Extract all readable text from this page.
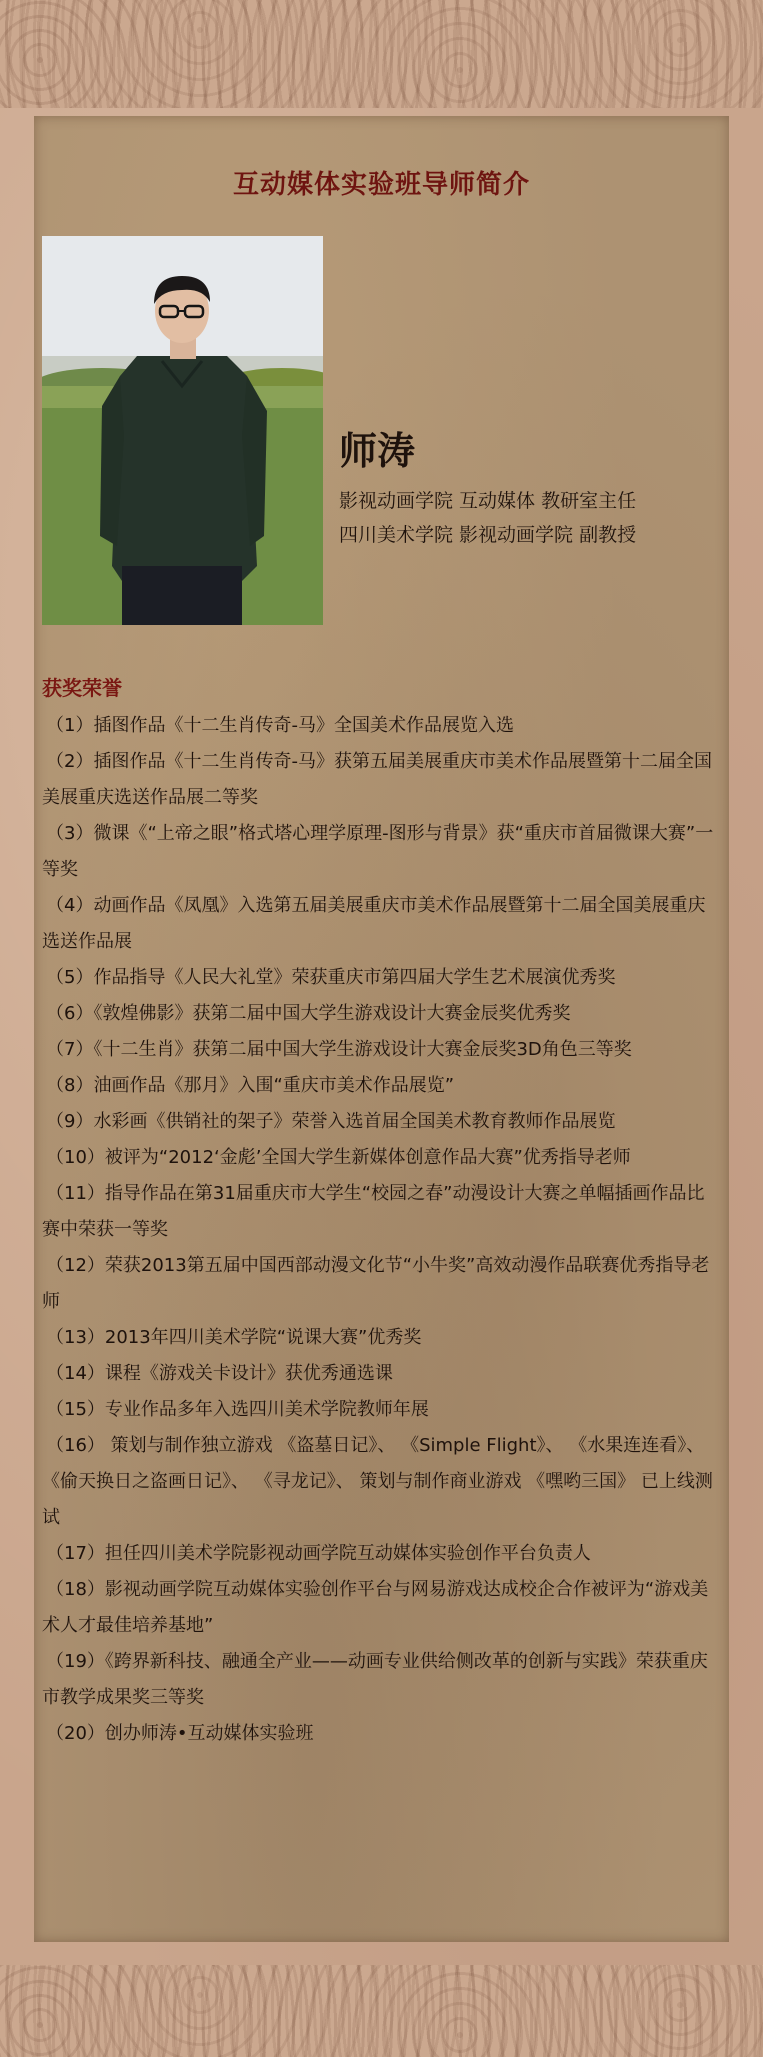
互动媒体实验班导师简介
师涛
影视动画学院 互动媒体 教研室主任
四川美术学院 影视动画学院 副教授
获奖荣誉
（1）插图作品《十二生肖传奇-马》全国美术作品展览入选
（2）插图作品《十二生肖传奇-马》获第五届美展重庆市美术作品展暨第十二届全国美展重庆选送作品展二等奖
（3）微课《“上帝之眼”格式塔心理学原理-图形与背景》获“重庆市首届微课大赛”一等奖
（4）动画作品《凤凰》入选第五届美展重庆市美术作品展暨第十二届全国美展重庆选送作品展
（5）作品指导《人民大礼堂》荣获重庆市第四届大学生艺术展演优秀奖
（6）《敦煌佛影》获第二届中国大学生游戏设计大赛金辰奖优秀奖
（7）《十二生肖》获第二届中国大学生游戏设计大赛金辰奖3D角色三等奖
（8）油画作品《那月》入围“重庆市美术作品展览”
（9）水彩画《供销社的架子》荣誉入选首届全国美术教育教师作品展览
（10）被评为“2012‘金彪’全国大学生新媒体创意作品大赛”优秀指导老师
（11）指导作品在第31届重庆市大学生“校园之春”动漫设计大赛之单幅插画作品比赛中荣获一等奖
（12）荣获2013第五届中国西部动漫文化节“小牛奖”高效动漫作品联赛优秀指导老师
（13）2013年四川美术学院“说课大赛”优秀奖
（14）课程《游戏关卡设计》获优秀通选课
（15）专业作品多年入选四川美术学院教师年展
（16） 策划与制作独立游戏 《盗墓日记》、 《Simple Flight》、 《水果连连看》、 《偷天换日之盗画日记》、 《寻龙记》、 策划与制作商业游戏 《嘿哟三国》 已上线测试
（17）担任四川美术学院影视动画学院互动媒体实验创作平台负责人
（18）影视动画学院互动媒体实验创作平台与网易游戏达成校企合作被评为“游戏美术人才最佳培养基地”
（19）《跨界新科技、融通全产业——动画专业供给侧改革的创新与实践》荣获重庆市教学成果奖三等奖
（20）创办师涛•互动媒体实验班
